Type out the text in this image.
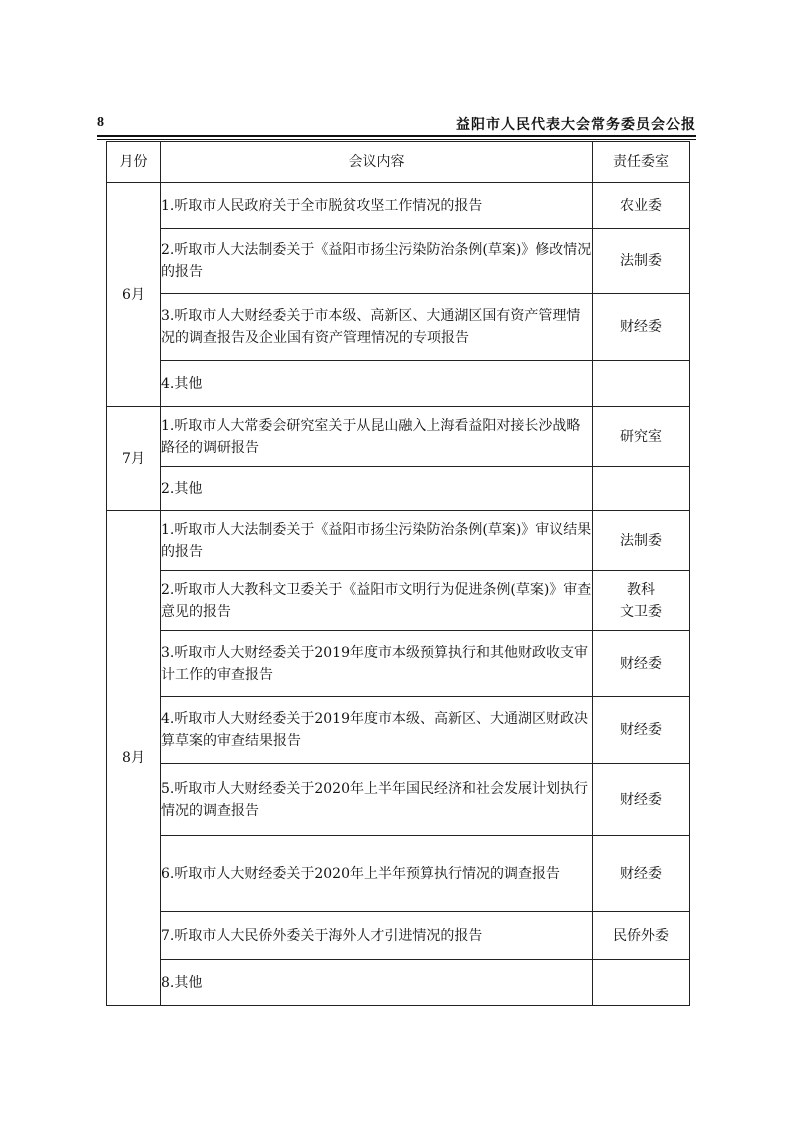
8	益阳市人民代表大会常务委员会公报
月份	会议内容	责任委室
6月	1.听取市人民政府关于全市脱贫攻坚工作情况的报告	农业委
	2.听取市人大法制委关于《益阳市扬尘污染防治条例(草案)》修改情况的报告	法制委
	3.听取市人大财经委关于市本级、高新区、大通湖区国有资产管理情况的调查报告及企业国有资产管理情况的专项报告	财经委
	4.其他	
7月	1.听取市人大常委会研究室关于从昆山融入上海看益阳对接长沙战略路径的调研报告	研究室
	2.其他	
8月	1.听取市人大法制委关于《益阳市扬尘污染防治条例(草案)》审议结果的报告	法制委
	2.听取市人大教科文卫委关于《益阳市文明行为促进条例(草案)》审查意见的报告	教科
文卫委
	3.听取市人大财经委关于2019年度市本级预算执行和其他财政收支审计工作的审查报告	财经委
	4.听取市人大财经委关于2019年度市本级、高新区、大通湖区财政决算草案的审查结果报告	财经委
	5.听取市人大财经委关于2020年上半年国民经济和社会发展计划执行情况的调查报告	财经委
	6.听取市人大财经委关于2020年上半年预算执行情况的调查报告	财经委
	7.听取市人大民侨外委关于海外人才引进情况的报告	民侨外委
	8.其他	
